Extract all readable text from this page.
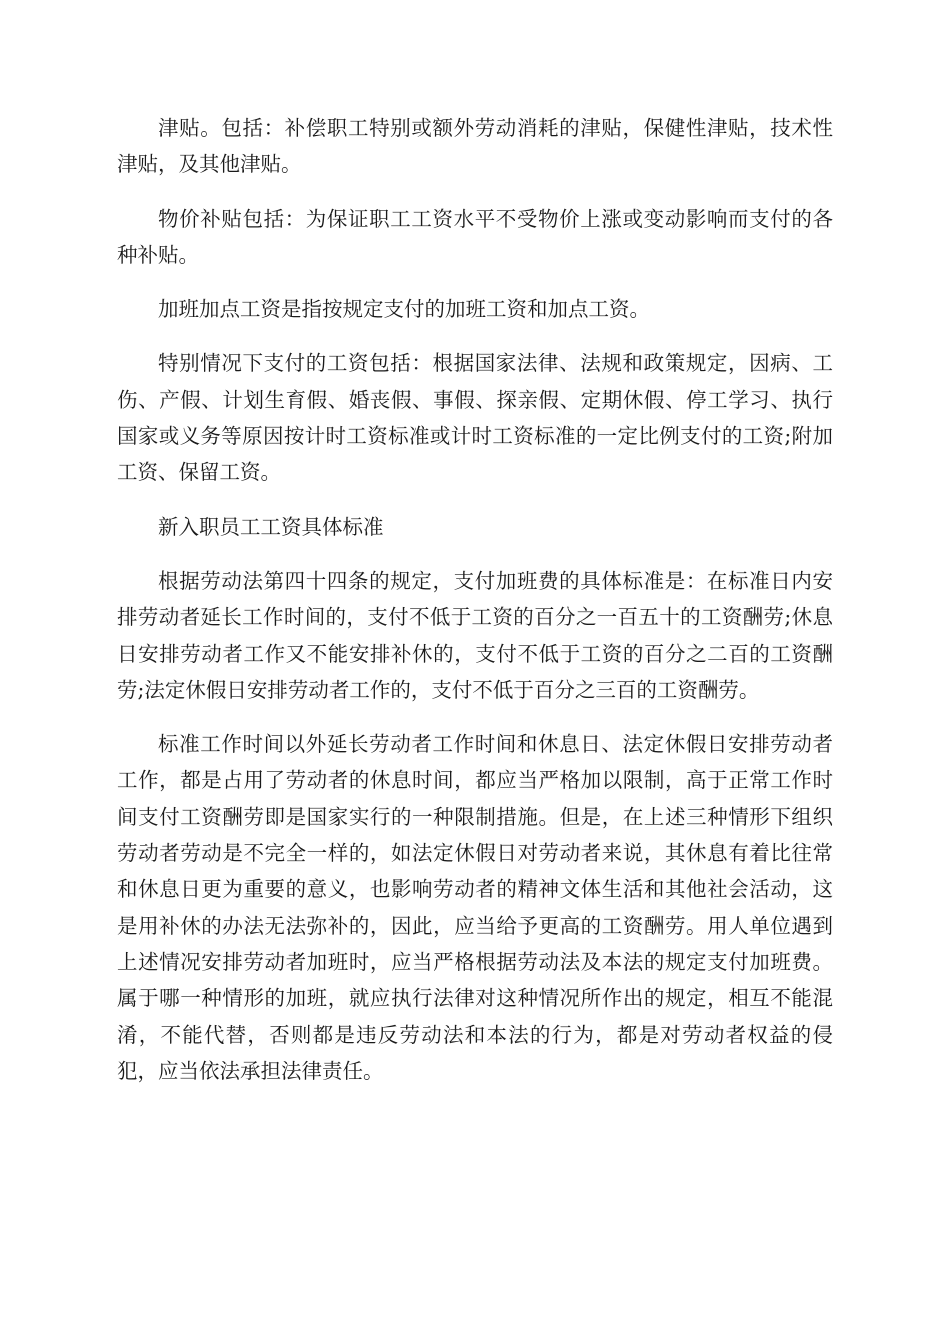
津贴。包括：补偿职工特别或额外劳动消耗的津贴，保健性津贴，技术性津贴，及其他津贴。

物价补贴包括：为保证职工工资水平不受物价上涨或变动影响而支付的各种补贴。

加班加点工资是指按规定支付的加班工资和加点工资。

特别情况下支付的工资包括：根据国家法律、法规和政策规定，因病、工伤、产假、计划生育假、婚丧假、事假、探亲假、定期休假、停工学习、执行国家或义务等原因按计时工资标准或计时工资标准的一定比例支付的工资;附加工资、保留工资。

新入职员工工资具体标准

根据劳动法第四十四条的规定，支付加班费的具体标准是：在标准日内安排劳动者延长工作时间的，支付不低于工资的百分之一百五十的工资酬劳;休息日安排劳动者工作又不能安排补休的，支付不低于工资的百分之二百的工资酬劳;法定休假日安排劳动者工作的，支付不低于百分之三百的工资酬劳。

标准工作时间以外延长劳动者工作时间和休息日、法定休假日安排劳动者工作，都是占用了劳动者的休息时间，都应当严格加以限制，高于正常工作时间支付工资酬劳即是国家实行的一种限制措施。但是，在上述三种情形下组织劳动者劳动是不完全一样的，如法定休假日对劳动者来说，其休息有着比往常和休息日更为重要的意义，也影响劳动者的精神文体生活和其他社会活动，这是用补休的办法无法弥补的，因此，应当给予更高的工资酬劳。用人单位遇到上述情况安排劳动者加班时，应当严格根据劳动法及本法的规定支付加班费。属于哪一种情形的加班，就应执行法律对这种情况所作出的规定，相互不能混淆，不能代替，否则都是违反劳动法和本法的行为，都是对劳动者权益的侵犯，应当依法承担法律责任。
